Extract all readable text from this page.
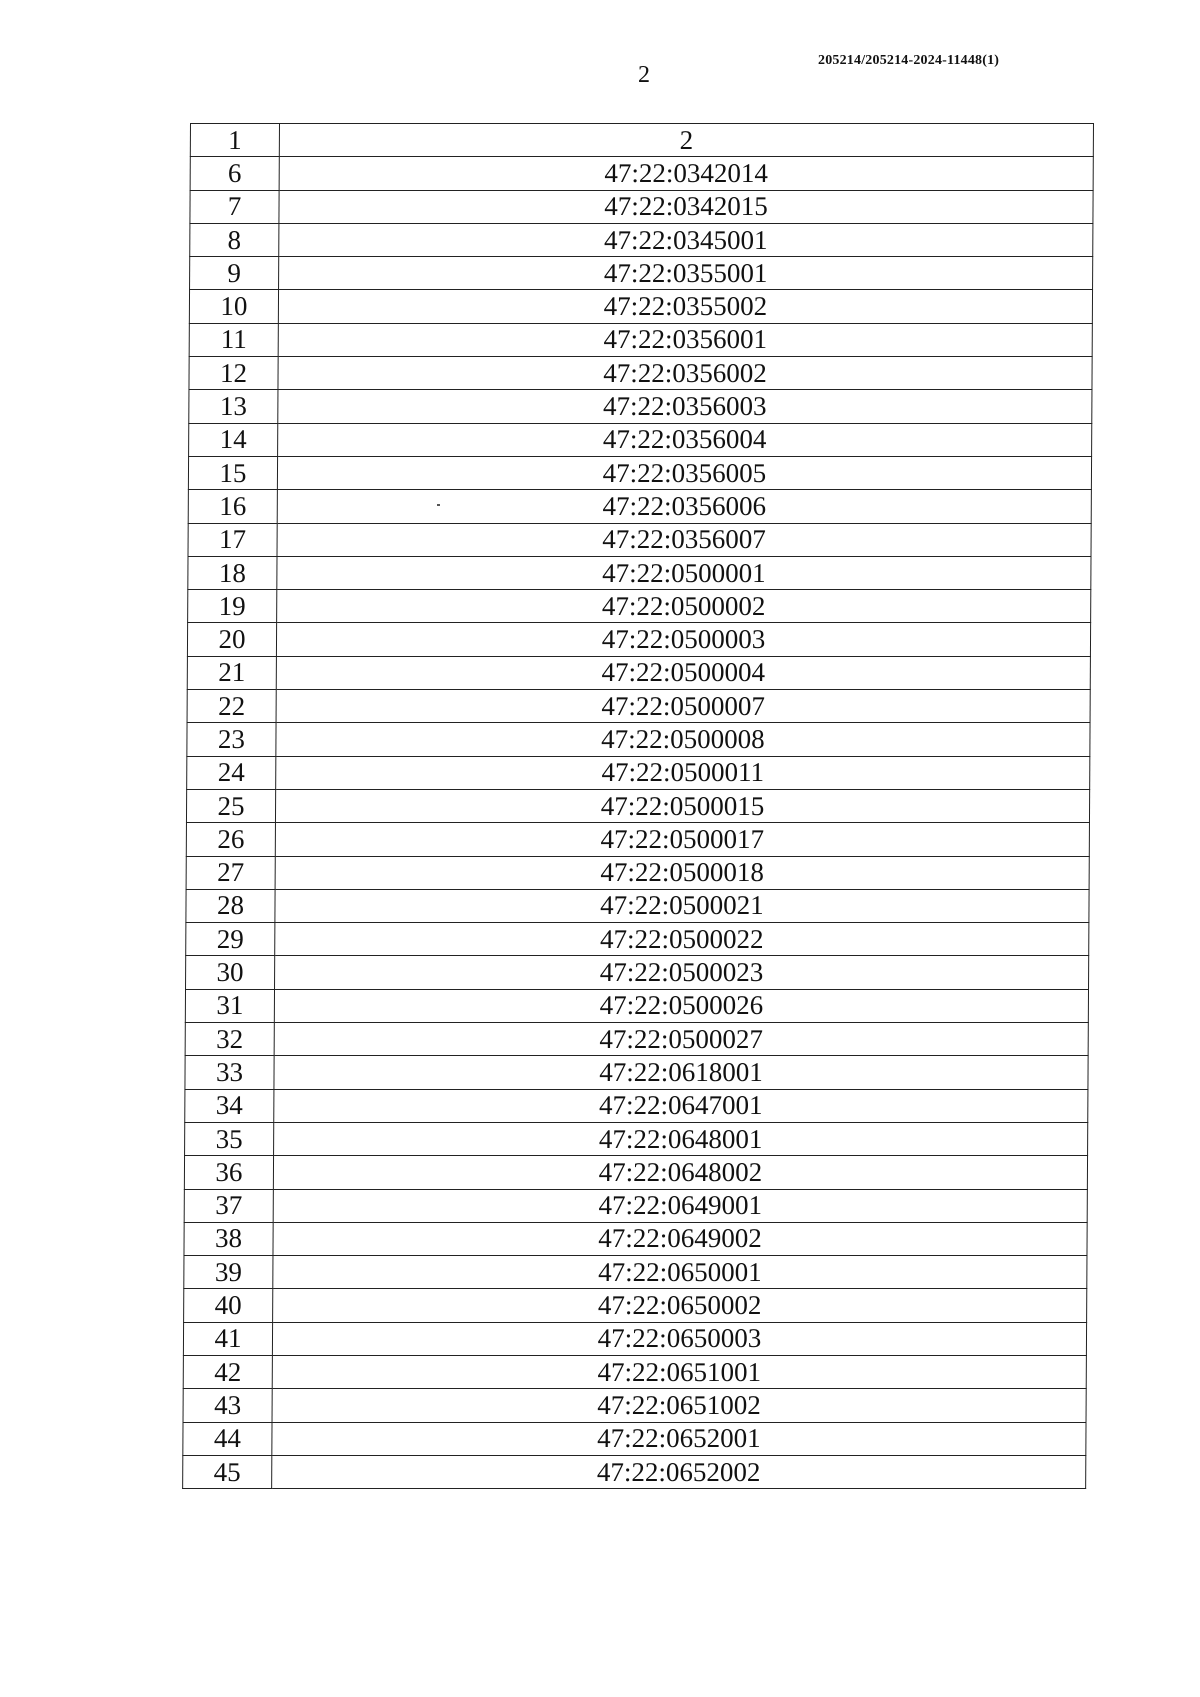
205214/205214-2024-11448(1)
2
1	2
6	47:22:0342014
7	47:22:0342015
8	47:22:0345001
9	47:22:0355001
10	47:22:0355002
11	47:22:0356001
12	47:22:0356002
13	47:22:0356003
14	47:22:0356004
15	47:22:0356005
16	47:22:0356006
17	47:22:0356007
18	47:22:0500001
19	47:22:0500002
20	47:22:0500003
21	47:22:0500004
22	47:22:0500007
23	47:22:0500008
24	47:22:0500011
25	47:22:0500015
26	47:22:0500017
27	47:22:0500018
28	47:22:0500021
29	47:22:0500022
30	47:22:0500023
31	47:22:0500026
32	47:22:0500027
33	47:22:0618001
34	47:22:0647001
35	47:22:0648001
36	47:22:0648002
37	47:22:0649001
38	47:22:0649002
39	47:22:0650001
40	47:22:0650002
41	47:22:0650003
42	47:22:0651001
43	47:22:0651002
44	47:22:0652001
45	47:22:0652002
